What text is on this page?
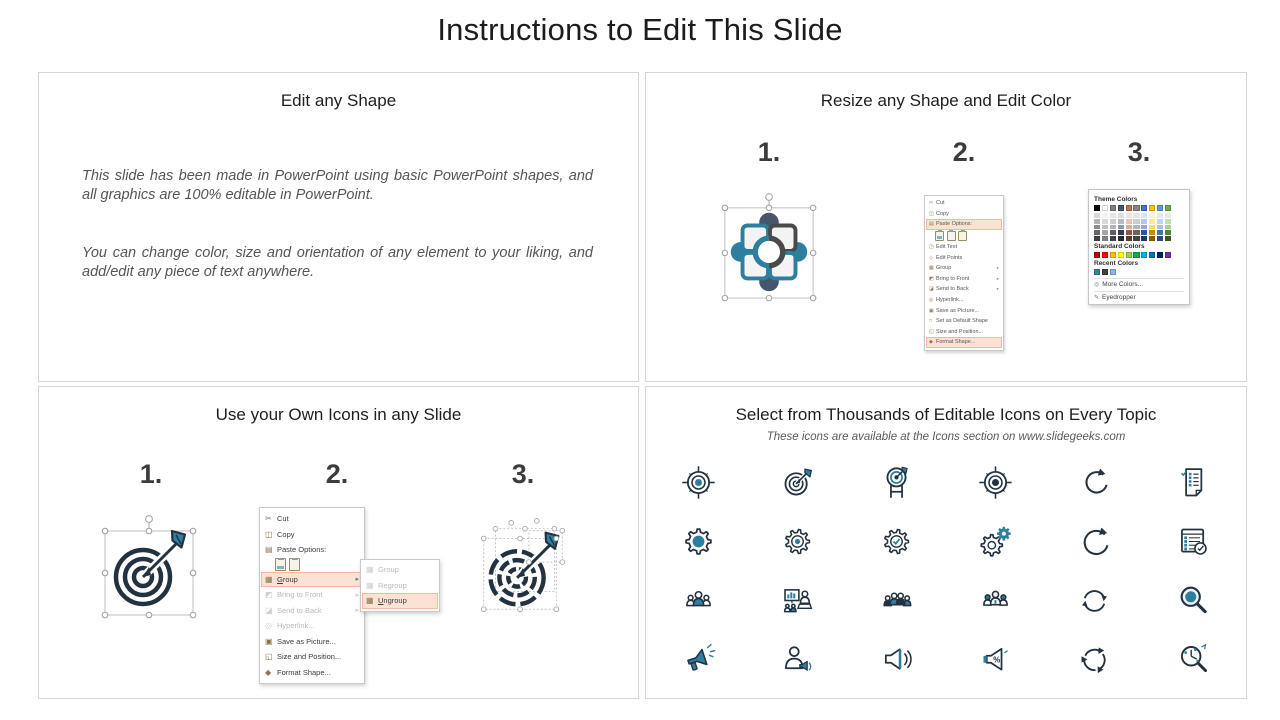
Instructions to Edit This Slide
Edit any Shape

This slide has been made in PowerPoint using basic PowerPoint shapes, and all graphics are 100% editable in PowerPoint.

You can change color, size and orientation of any element to your liking, and add/edit any piece of text anywhere.

Resize any Shape and Edit Color
1.	2.	3.
✂ Cut
◫ Copy
▤ Paste Options:
◳ Edit Text
◇ Edit Points
▦ Group	▸
◩ Bring to Front	▸
◪ Send to Back	▸
◎ Hyperlink...
▣ Save as Picture...
□ Set as Default Shape
◱ Size and Position...
◆ Format Shape...
Theme Colors
Standard Colors
Recent Colors
◎ More Colors...
✎ Eyedropper
Use your Own Icons in any Slide
1.	2.	3.
✂ Cut
◫ Copy
▤ Paste Options:
▦ Group	▸
◩ Bring to Front	▸
◪ Send to Back	▸
◎ Hyperlink...
▣ Save as Picture...
◱ Size and Position...
◆ Format Shape...
▦ Group
▦ Regroup
▦ Ungroup
Select from Thousands of Editable Icons on Every Topic
These icons are available at the Icons section on www.slidegeeks.com
%
